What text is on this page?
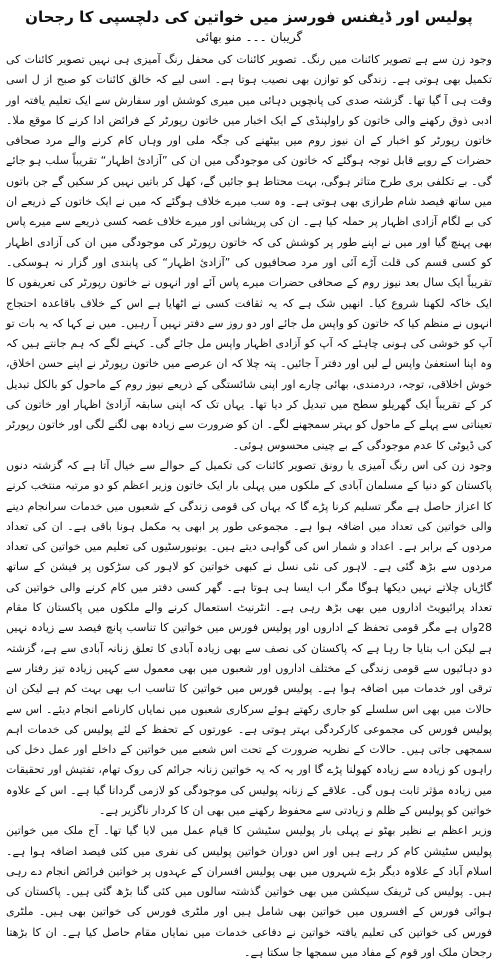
پولیس اور ڈیفنس فورسز میں خواتین کی دلچسپی کا رجحان
گریبان ۔۔۔ منو بھائی

وجود زن سے ہے تصویر کائنات میں رنگ۔ تصویر کائنات کی محفل رنگ آمیزی ہی نہیں تصویر کائنات کی تکمیل بھی ہوتی ہے۔ زندگی کو توازن بھی نصیب ہوتا ہے۔ اسی لیے کہ خالق کائنات کو صبح از ل اسی وقت ہی آ گیا تھا۔ گزشتہ صدی کی پانچویں دہائی میں میری کوشش اور سفارش سے ایک تعلیم یافتہ اور ادبی ذوق رکھنے والی خاتون کو راولپنڈی کے ایک اخبار میں خاتون رپورٹر کے فرائض ادا کرنے کا موقع ملا۔ خاتون رپورٹر کو اخبار کے ان نیوز روم میں بیٹھنے کی جگہ ملی اور وہاں کام کرنے والے مرد صحافی حضرات کے رویے قابل توجہ ہوگئے کہ خاتون کی موجودگی میں ان کی ”آزادئ اظہار“ تقریباً سلب ہو جائے گی۔ بے تکلفی بری طرح متاثر ہوگی، بہت محتاط ہو جائیں گے، کھل کر باتیں نہیں کر سکیں گے جن باتوں میں ساتھ فیصد شام طرازی بھی ہوتی ہے۔ وہ سب میرے خلاف ہوگئے کہ میں نے ایک خاتون کے ذریعے ان کی بے لگام آزادی اظہار پر حملہ کیا ہے۔ ان کی پریشانی اور میرے خلاف غصہ کسی ذریعے سے میرے پاس بھی پہنچ گیا اور میں نے اپنے طور پر کوشش کی کہ خاتون رپورٹر کی موجودگی میں ان کی آزادی اظہار کو کسی قسم کی قلت آڑے آئی اور مرد صحافیوں کی ”آزادئ اظہار“ کی پابندی اور گزار نہ ہوسکی۔ تقریباً ایک سال بعد نیوز روم کے صحافی حضرات میرے پاس آئے اور انہوں نے خاتون رپورٹر کی تعریفوں کا ایک خاکہ لکھنا شروع کیا۔ انھیں شک ہے کہ یہ ثقافت کسی نے اٹھایا ہے اس کے خلاف باقاعدہ احتجاج انہوں نے منظم کیا کہ خاتون کو واپس مل جائے اور دو روز سے دفتر نہیں آ رہیں۔ میں نے کہا کہ یہ بات تو آپ کو خوشی کی ہونی چاہئے کہ آپ کو آزادی اظہار واپس مل جائے گی۔ کہنے لگے کہ ہم جانتے ہیں کہ وہ اپنا استعفیٰ واپس لے لیں اور دفتر آ جائیں۔ پتہ چلا کہ ان عرصے میں خاتون رپورٹر نے اپنے حسن اخلاق، خوش اخلاقی، توجہ، دردمندی، بھائی چارے اور اپنی شائستگی کے ذریعے نیوز روم کے ماحول کو بالکل تبدیل کر کے تقریباً ایک گھریلو سطح میں تبدیل کر دیا تھا۔ یہاں تک کہ اپنی سابقہ آزادئ اظہار اور خاتون کی تعیناتی سے پہلے کے ماحول کو بہتر سمجھنے لگے۔ ان کو ضرورت سے زیادہ بھی لگنے لگی اور خاتون رپورٹر کی ڈیوٹی کا عدم موجودگی کے بے چینی محسوس ہوئی۔

وجود زن کی اس رنگ آمیزی یا رونق تصویر کائنات کی تکمیل کے حوالے سے خیال آتا ہے کہ گزشتہ دنوں پاکستان کو دنیا کے مسلمان آبادی کے ملکوں میں پہلی بار ایک خاتون وزیر اعظم کو دو مرتبہ منتخب کرنے کا اعزاز حاصل ہے مگر تسلیم کرنا پڑے گا کہ یہاں کی قومی زندگی کے شعبوں میں خدمات سرانجام دینے والی خواتین کی تعداد میں اضافہ ہوا ہے۔ مجموعی طور پر ابھی یہ مکمل ہونا باقی ہے۔ ان کی تعداد مردوں کے برابر ہے۔ اعداد و شمار اس کی گواہی دیتے ہیں۔ یونیورسٹیوں کی تعلیم میں خواتین کی تعداد مردوں سے بڑھ گئی ہے۔ لاہور کی نئی نسل نے کبھی خواتین کو لاہور کی سڑکوں پر فیشن کے ساتھ گاڑیاں چلاتے نہیں دیکھا ہوگا مگر اب ایسا ہی ہوتا ہے۔ گھر کسی دفتر میں کام کرنے والی خواتین کی تعداد پرائیویٹ اداروں میں بھی بڑھ رہی ہے۔ انٹرنیٹ استعمال کرنے والے ملکوں میں پاکستان کا مقام 28واں ہے مگر قومی تحفظ کے اداروں اور پولیس فورس میں خواتین کا تناسب پانچ فیصد سے زیادہ نہیں ہے لیکن اب بتایا جا رہا ہے کہ پاکستان کی نصف سے بھی زیادہ آبادی کا تعلق زنانہ آبادی سے ہے، گزشتہ دو دہائیوں سے قومی زندگی کے مختلف اداروں اور شعبوں میں بھی معمول سے کہیں زیادہ تیز رفتار سے ترقی اور خدمات میں اضافہ ہوا ہے۔ پولیس فورس میں خواتین کا تناسب اب بھی بہت کم ہے لیکن ان حالات میں بھی اس سلسلے کو جاری رکھتے ہوئے سرکاری شعبوں میں نمایاں کارنامے انجام دیئے۔ اس سے پولیس فورس کی مجموعی کارکردگی بہتر ہوتی ہے۔ عورتوں کے تحفظ کے لئے پولیس کی خدمات اہم سمجھی جاتی ہیں۔ حالات کے نظریہ ضرورت کے تحت اس شعبے میں خواتین کے داخلے اور عمل دخل کی راہوں کو زیادہ سے زیادہ کھولنا پڑے گا اور یہ کہ یہ خواتین زنانہ جرائم کی روک تھام، تفتیش اور تحقیقات میں زیادہ مؤثر ثابت ہوں گی۔ علاقے کے زنانہ پولیس کی موجودگی کو لازمی گردانا گیا ہے۔ اس کے علاوہ خواتین کو پولیس کے ظلم و زیادتی سے محفوظ رکھنے میں بھی ان کا کردار ناگزیر ہے۔

وزیر اعظم بے نظیر بھٹو نے پہلی بار پولیس سٹیشن کا قیام عمل میں لایا گیا تھا۔ آج ملک میں خواتین پولیس سٹیشن کام کر رہے ہیں اور اس دوران خواتین پولیس کی نفری میں کئی فیصد اضافہ ہوا ہے۔ اسلام آباد کے علاوہ دیگر بڑے شہروں میں بھی پولیس افسران کے عہدوں پر خواتین فرائض انجام دے رہی ہیں۔ پولیس کی ٹریفک سیکشن میں بھی خواتین گذشتہ سالوں میں کئی گنا بڑھ گئی ہیں۔ پاکستان کی ہوائی فورس کے افسروں میں خواتین بھی شامل ہیں اور ملٹری فورس کی خواتین بھی ہیں۔ ملٹری فورس کی خواتین کی تعلیم یافتہ خواتین نے دفاعی خدمات میں نمایاں مقام حاصل کیا ہے۔ ان کا بڑھتا رجحان ملک اور قوم کے مفاد میں سمجھا جا سکتا ہے۔
